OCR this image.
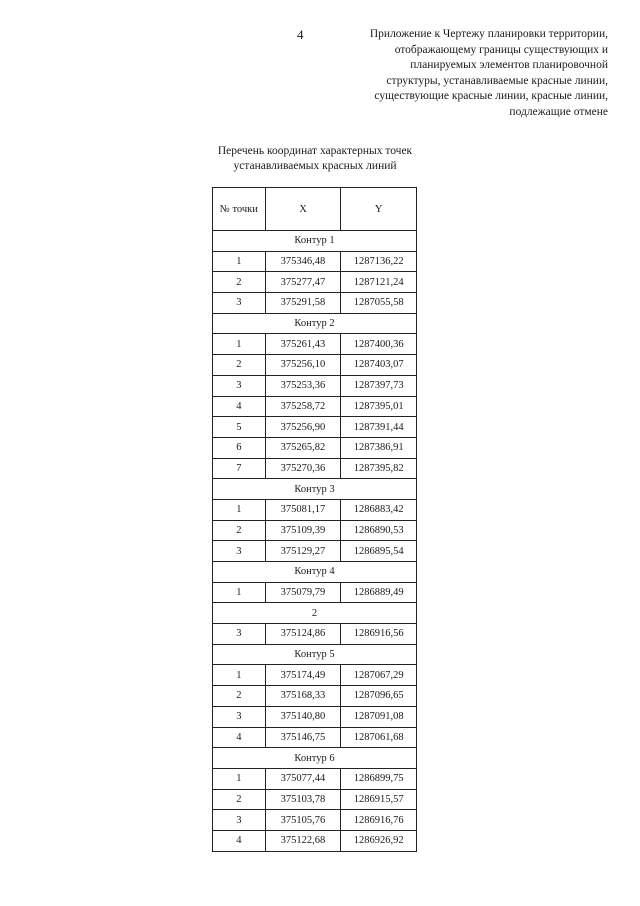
4	Приложение к Чертежу планировки территории,
отображающему границы существующих и
планируемых элементов планировочной
структуры, устанавливаемые красные линии,
существующие красные линии, красные линии,
подлежащие отмене
Перечень координат характерных точек
устанавливаемых красных линий
№ точки	X	Y
Контур 1		
1	375346,48	1287136,22
2	375277,47	1287121,24
3	375291,58	1287055,58
Контур 2		
1	375261,43	1287400,36
2	375256,10	1287403,07
3	375253,36	1287397,73
4	375258,72	1287395,01
5	375256,90	1287391,44
6	375265,82	1287386,91
7	375270,36	1287395,82
Контур 3		
1	375081,17	1286883,42
2	375109,39	1286890,53
3	375129,27	1286895,54
Контур 4		
1	375079,79	1286889,49
2		
3	375124,86	1286916,56
Контур 5		
1	375174,49	1287067,29
2	375168,33	1287096,65
3	375140,80	1287091,08
4	375146,75	1287061,68
Контур 6		
1	375077,44	1286899,75
2	375103,78	1286915,57
3	375105,76	1286916,76
4	375122,68	1286926,92
